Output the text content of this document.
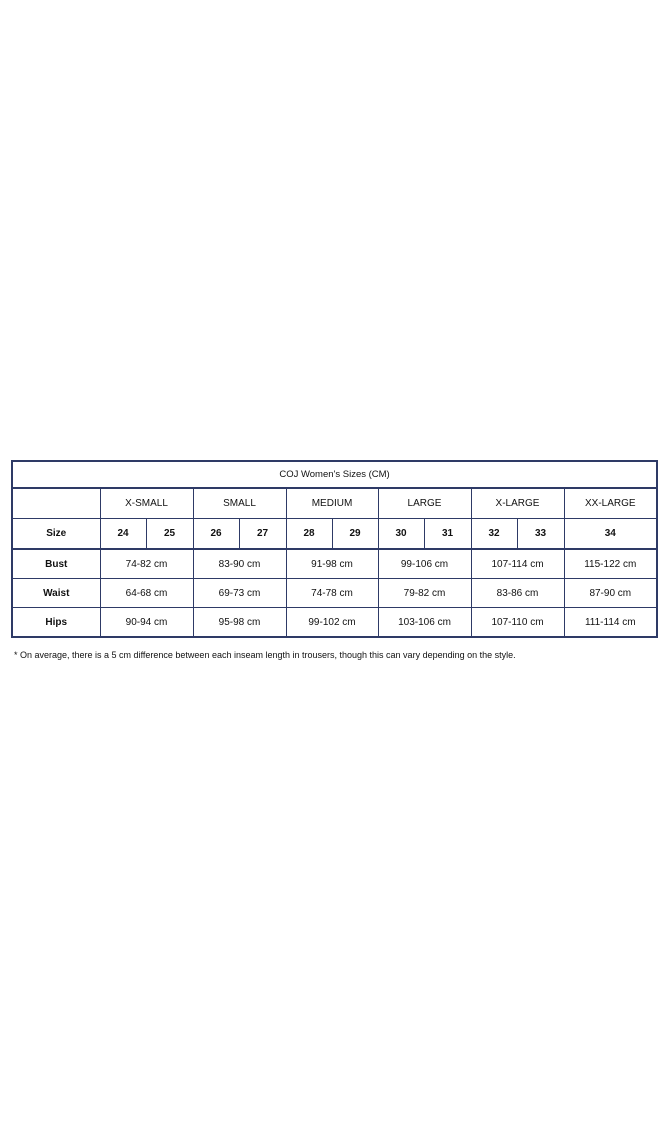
COJ Women's Sizes (CM)											
	X-SMALL		SMALL		MEDIUM		LARGE		X-LARGE		XX-LARGE
Size	24	25	26	27	28	29	30	31	32	33	34
Bust	74-82 cm		83-90 cm		91-98 cm		99-106 cm		107-114 cm		115-122 cm
Waist	64-68 cm		69-73 cm		74-78 cm		79-82 cm		83-86 cm		87-90 cm
Hips	90-94 cm		95-98 cm		99-102 cm		103-106 cm		107-110 cm		111-114 cm
* On average, there is a 5 cm difference between each inseam length in trousers, though this can vary depending on the style.
